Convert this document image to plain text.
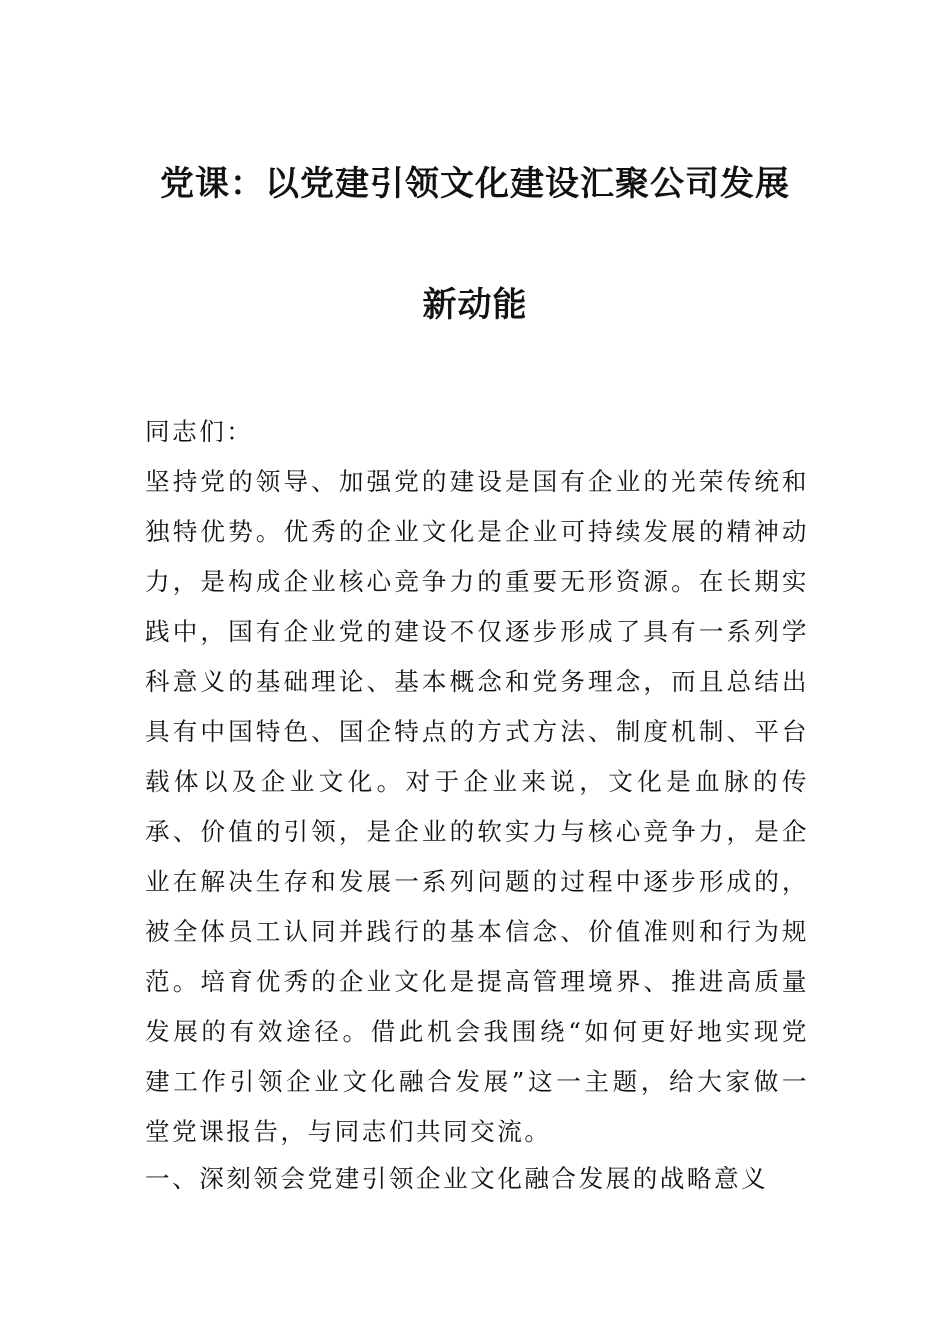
党课：以党建引领文化建设汇聚公司发展
新动能

同志们：

坚持党的领导、加强党的建设是国有企业的光荣传统和独特优势。优秀的企业文化是企业可持续发展的精神动力，是构成企业核心竞争力的重要无形资源。在长期实践中，国有企业党的建设不仅逐步形成了具有一系列学科意义的基础理论、基本概念和党务理念，而且总结出具有中国特色、国企特点的方式方法、制度机制、平台载体以及企业文化。对于企业来说，文化是血脉的传承、价值的引领，是企业的软实力与核心竞争力，是企业在解决生存和发展一系列问题的过程中逐步形成的，被全体员工认同并践行的基本信念、价值准则和行为规范。培育优秀的企业文化是提高管理境界、推进高质量发展的有效途径。借此机会我围绕“如何更好地实现党建工作引领企业文化融合发展”这一主题，给大家做一堂党课报告，与同志们共同交流。

一、深刻领会党建引领企业文化融合发展的战略意义
